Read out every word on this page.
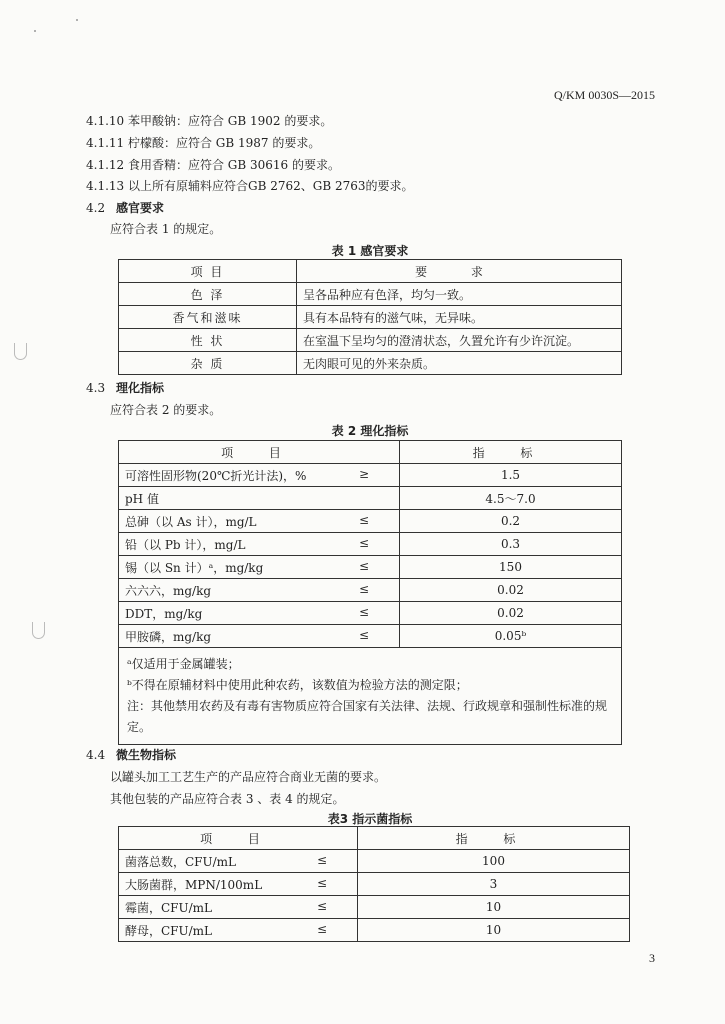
Q/KM 0030S—2015
4.1.10 苯甲酸钠：应符合 GB 1902 的要求。
4.1.11 柠檬酸：应符合 GB 1987 的要求。
4.1.12 食用香精：应符合 GB 30616 的要求。
4.1.13 以上所有原辅料应符合GB 2762、GB 2763的要求。
4.2 感官要求
应符合表 1 的规定。
表 1 感官要求
项 目	要 求
色 泽	呈各品种应有色泽，均匀一致。
香气和滋味	具有本品特有的滋气味，无异味。
性 状	在室温下呈均匀的澄清状态，久置允许有少许沉淀。
杂 质	无肉眼可见的外来杂质。
4.3 理化指标
应符合表 2 的要求。
表 2 理化指标
项 目	指 标
可溶性固形物(20℃折光计法)，% ≥	1.5
pH 值	4.5～7.0
总砷（以 As 计），mg/L ≤	0.2
铅（以 Pb 计），mg/L ≤	0.3
锡（以 Sn 计）ᵃ，mg/kg ≤	150
六六六，mg/kg ≤	0.02
DDT，mg/kg ≤	0.02
甲胺磷，mg/kg ≤	0.05ᵇ

ᵃ仅适用于金属罐装；
ᵇ不得在原辅材料中使用此种农药，该数值为检验方法的测定限；
注：其他禁用农药及有毒有害物质应符合国家有关法律、法规、行政规章和强制性标准的规定。	
4.4 微生物指标
以罐头加工工艺生产的产品应符合商业无菌的要求。
其他包装的产品应符合表 3 、表 4 的规定。
表3 指示菌指标
项 目	指 标
菌落总数，CFU/mL ≤	100
大肠菌群，MPN/100mL ≤	3
霉菌，CFU/mL ≤	10
酵母，CFU/mL ≤	10
3
